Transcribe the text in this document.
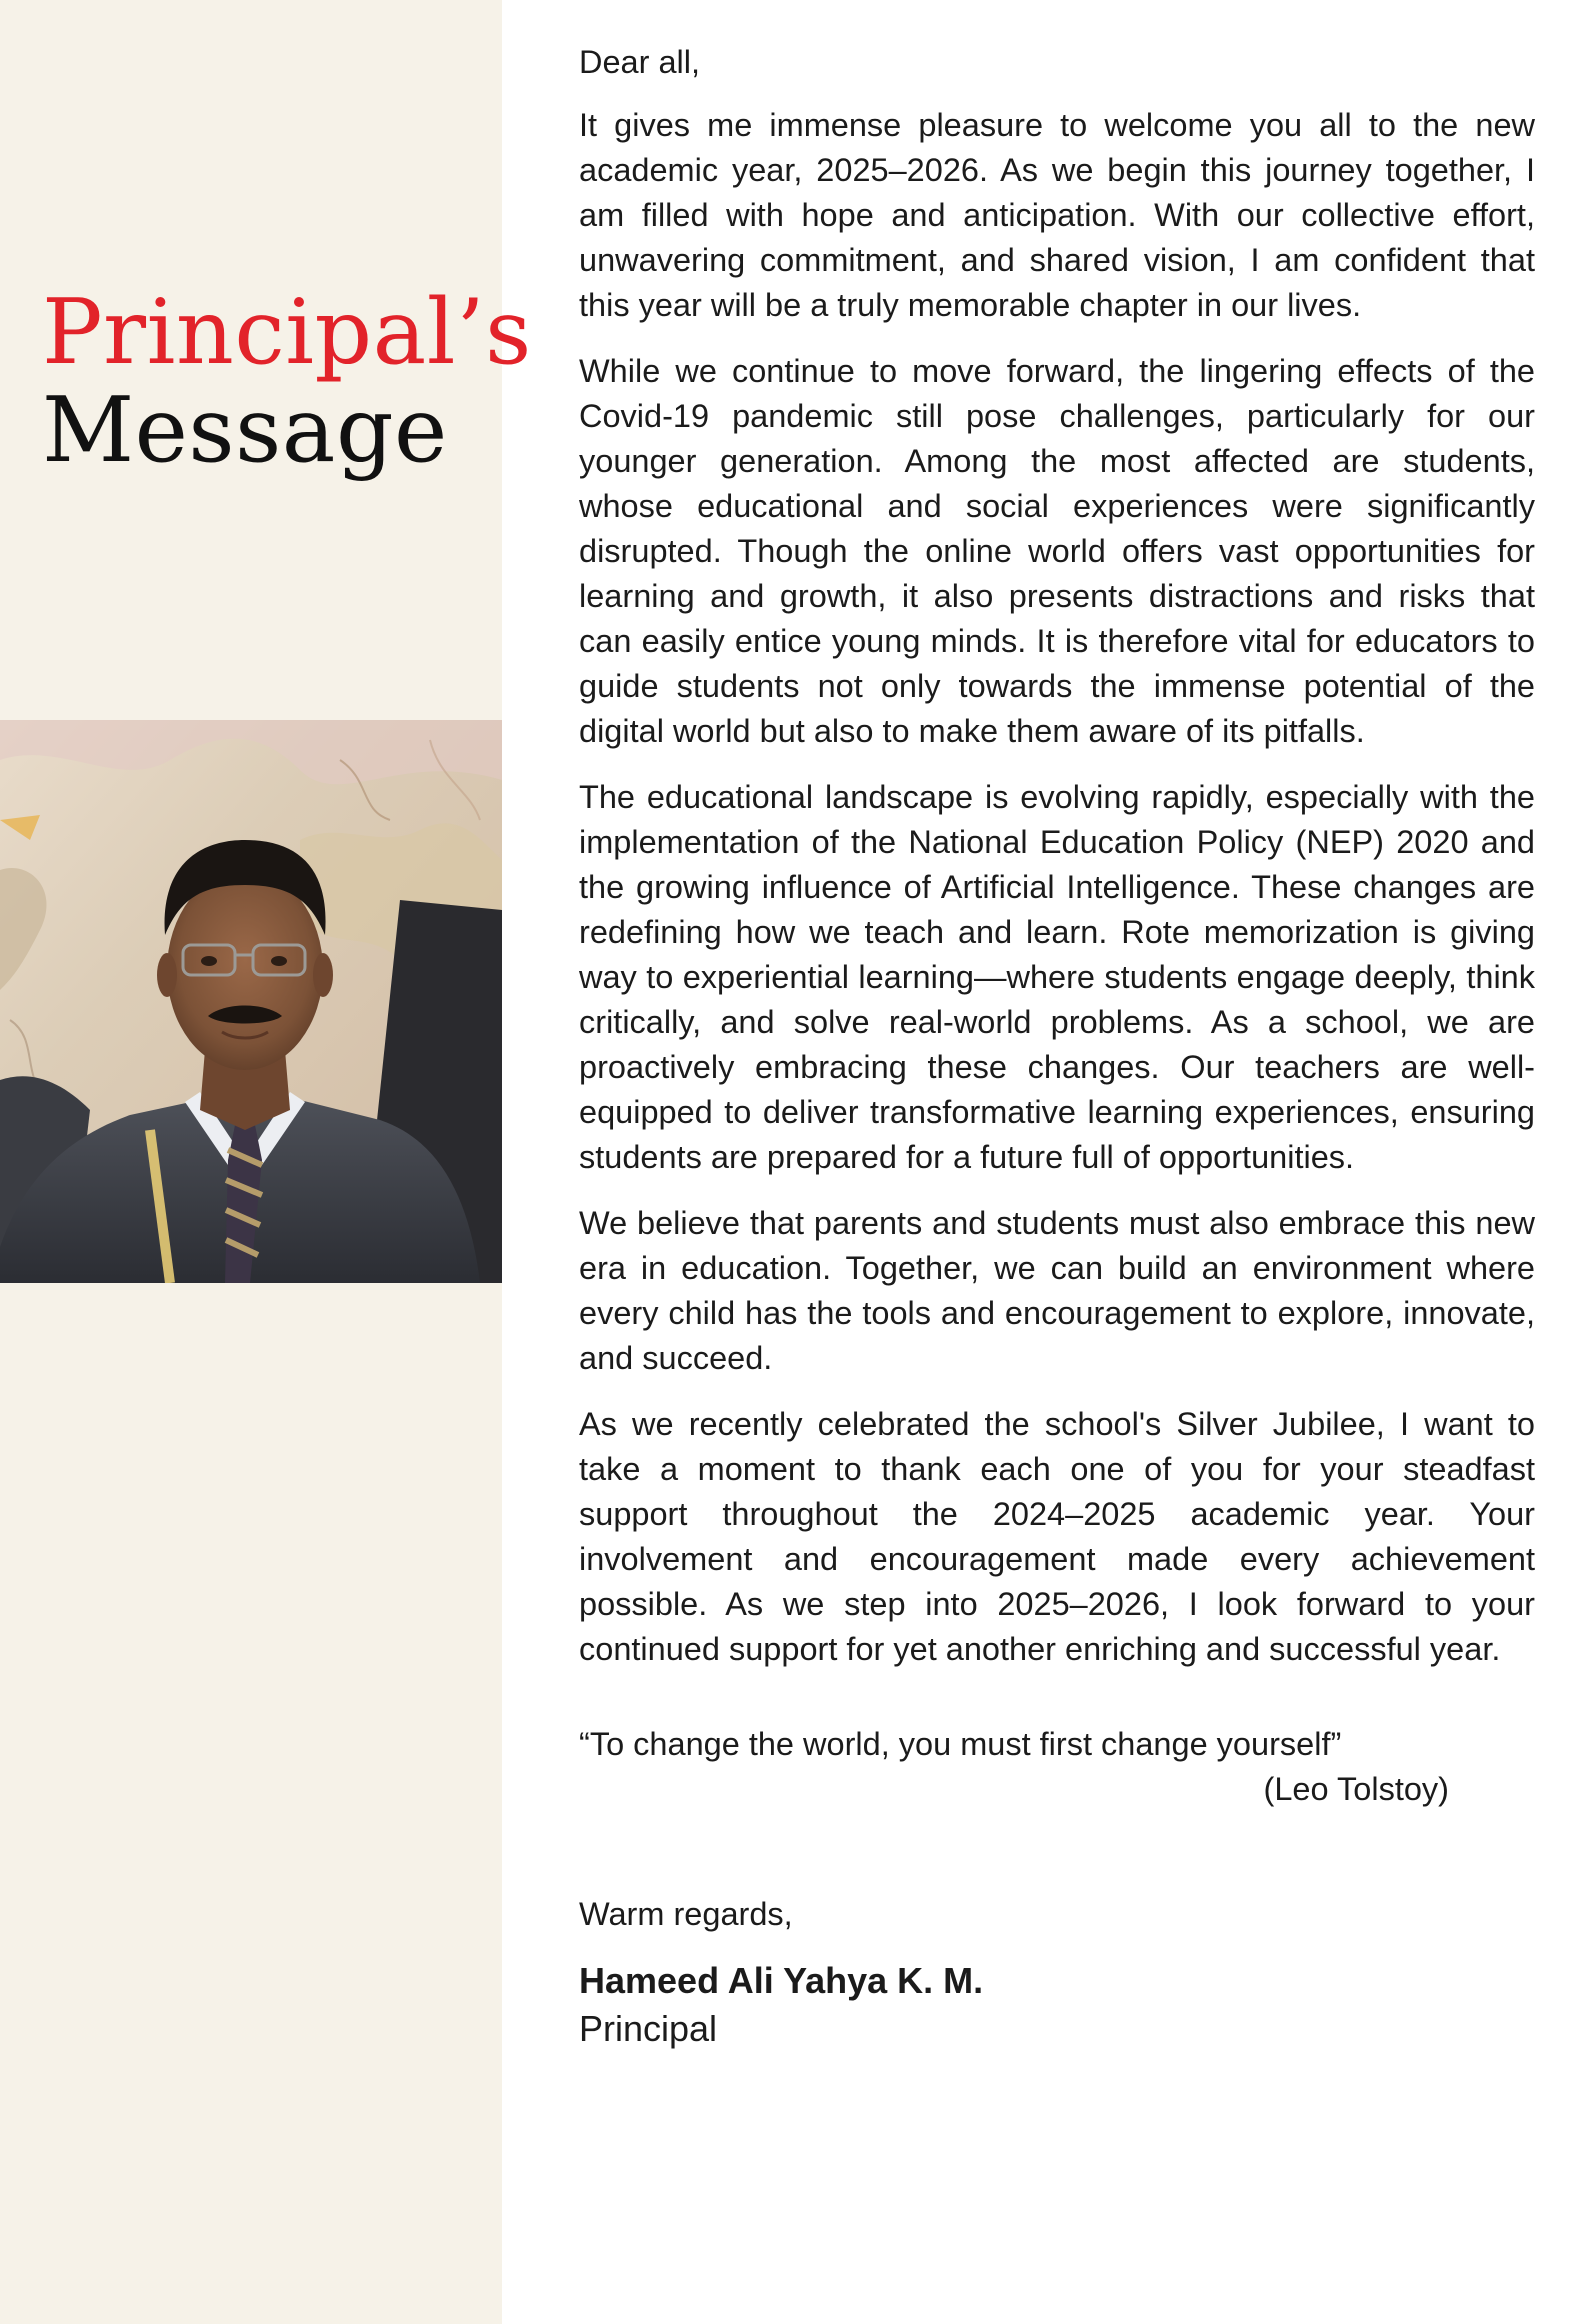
Principal’s
Message

Dear all,

It gives me immense pleasure to welcome you all to the new academic year, 2025–2026. As we begin this journey together, I am filled with hope and anticipation. With our collective effort, unwavering commitment, and shared vision, I am confident that this year will be a truly memorable chapter in our lives.

While we continue to move forward, the lingering effects of the Covid-19 pandemic still pose challenges, particularly for our younger generation. Among the most affected are students, whose educational and social experiences were significantly disrupted. Though the online world offers vast opportunities for learning and growth, it also presents distractions and risks that can easily entice young minds. It is therefore vital for educators to guide students not only towards the immense potential of the digital world but also to make them aware of its pitfalls.

The educational landscape is evolving rapidly, especially with the implementation of the National Education Policy (NEP) 2020 and the growing influence of Artificial Intelligence. These changes are redefining how we teach and learn. Rote memorization is giving way to experiential learning—where students engage deeply, think critically, and solve real-world problems. As a school, we are proactively embracing these changes. Our teachers are well-equipped to deliver transformative learning experiences, ensuring students are prepared for a future full of opportunities.

We believe that parents and students must also embrace this new era in education. Together, we can build an environment where every child has the tools and encouragement to explore, innovate, and succeed.

As we recently celebrated the school's Silver Jubilee, I want to take a moment to thank each one of you for your steadfast support throughout the 2024–2025 academic year. Your involvement and encouragement made every achievement possible. As we step into 2025–2026, I look forward to your continued support for yet another enriching and successful year.

“To change the world, you must first change yourself”

(Leo Tolstoy)

Warm regards,

Hameed Ali Yahya K. M.

Principal
